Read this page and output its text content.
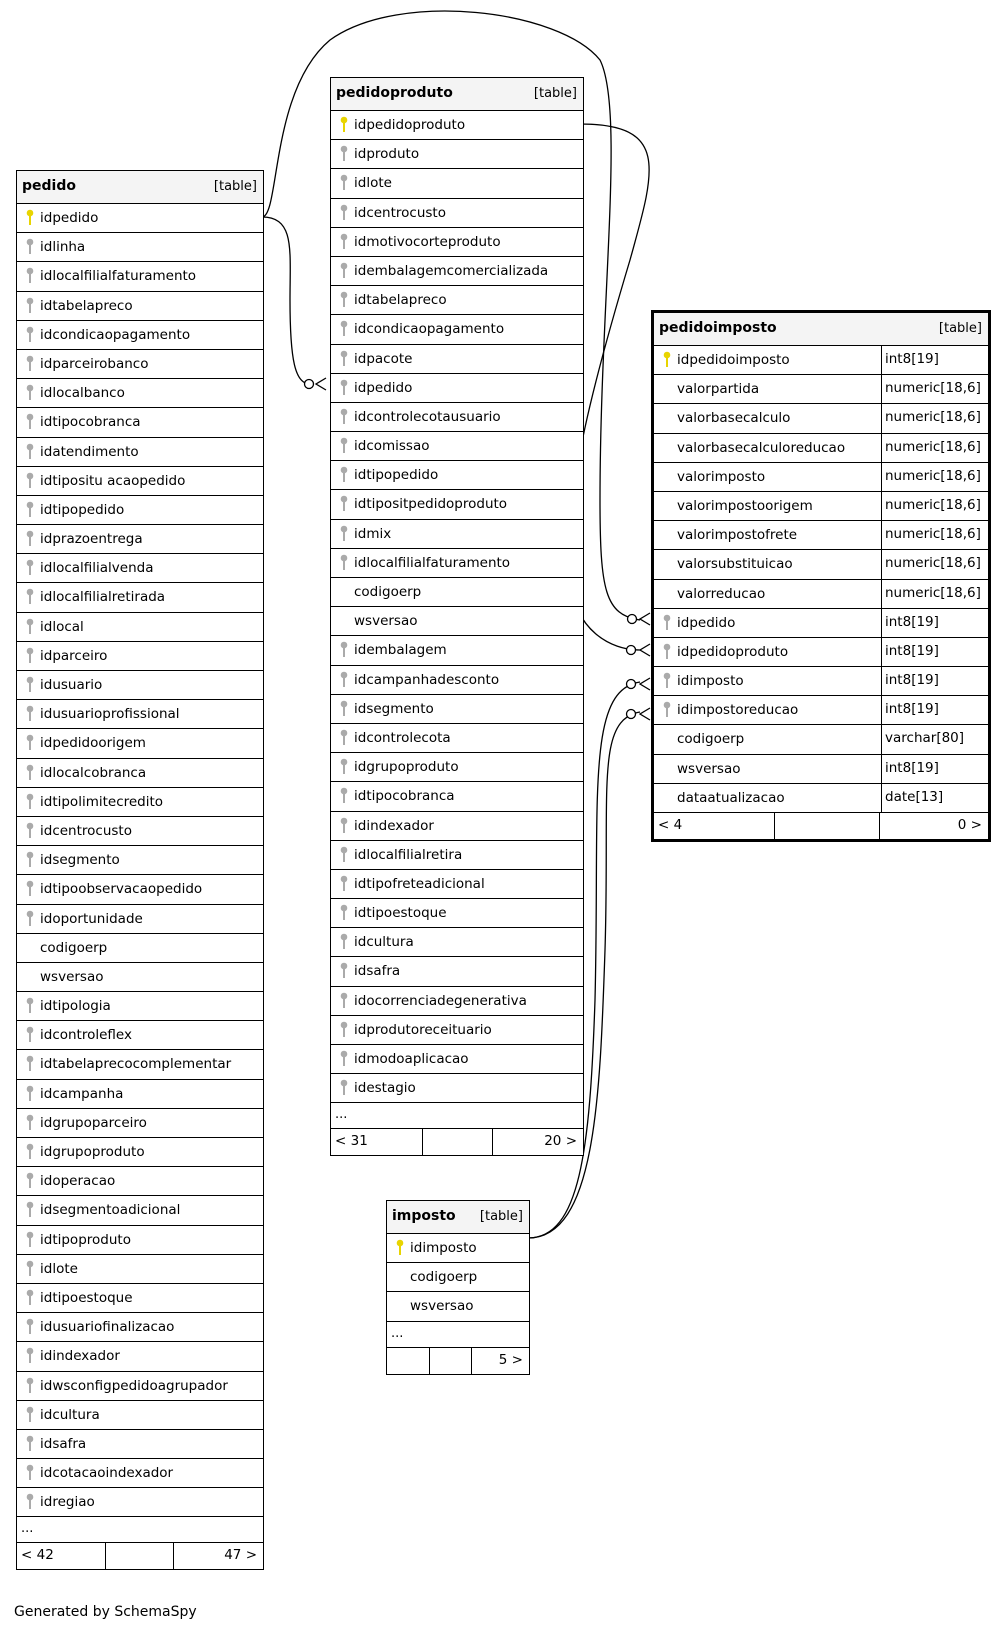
pedido	[table]
idpedido
idlinha
idlocalfilialfaturamento
idtabelapreco
idcondicaopagamento
idparceirobanco
idlocalbanco
idtipocobranca
idatendimento
idtipositu acaopedido
idtipopedido
idprazoentrega
idlocalfilialvenda
idlocalfilialretirada
idlocal
idparceiro
idusuario
idusuarioprofissional
idpedidoorigem
idlocalcobranca
idtipolimitecredito
idcentrocusto
idsegmento
idtipoobservacaopedido
idoportunidade
codigoerp
wsversao
idtipologia
idcontroleflex
idtabelaprecocomplementar
idcampanha
idgrupoparceiro
idgrupoproduto
idoperacao
idsegmentoadicional
idtipoproduto
idlote
idtipoestoque
idusuariofinalizacao
idindexador
idwsconfigpedidoagrupador
idcultura
idsafra
idcotacaoindexador
idregiao
...
< 42	47 >
pedidoproduto	[table]
idpedidoproduto
idproduto
idlote
idcentrocusto
idmotivocorteproduto
idembalagemcomercializada
idtabelapreco
idcondicaopagamento
idpacote
idpedido
idcontrolecotausuario
idcomissao
idtipopedido
idtipositpedidoproduto
idmix
idlocalfilialfaturamento
codigoerp
wsversao
idembalagem
idcampanhadesconto
idsegmento
idcontrolecota
idgrupoproduto
idtipocobranca
idindexador
idlocalfilialretira
idtipofreteadicional
idtipoestoque
idcultura
idsafra
idocorrenciadegenerativa
idprodutoreceituario
idmodoaplicacao
idestagio
...
< 31	20 >
pedidoimposto	[table]
idpedidoimposto	int8[19]
valorpartida	numeric[18,6]
valorbasecalculo	numeric[18,6]
valorbasecalculoreducao	numeric[18,6]
valorimposto	numeric[18,6]
valorimpostoorigem	numeric[18,6]
valorimpostofrete	numeric[18,6]
valorsubstituicao	numeric[18,6]
valorreducao	numeric[18,6]
idpedido	int8[19]
idpedidoproduto	int8[19]
idimposto	int8[19]
idimpostoreducao	int8[19]
codigoerp	varchar[80]
wsversao	int8[19]
dataatualizacao	date[13]
< 4	0 >
imposto [table]
idimposto
codigoerp
wsversao
...
5 >
Generated by SchemaSpy
